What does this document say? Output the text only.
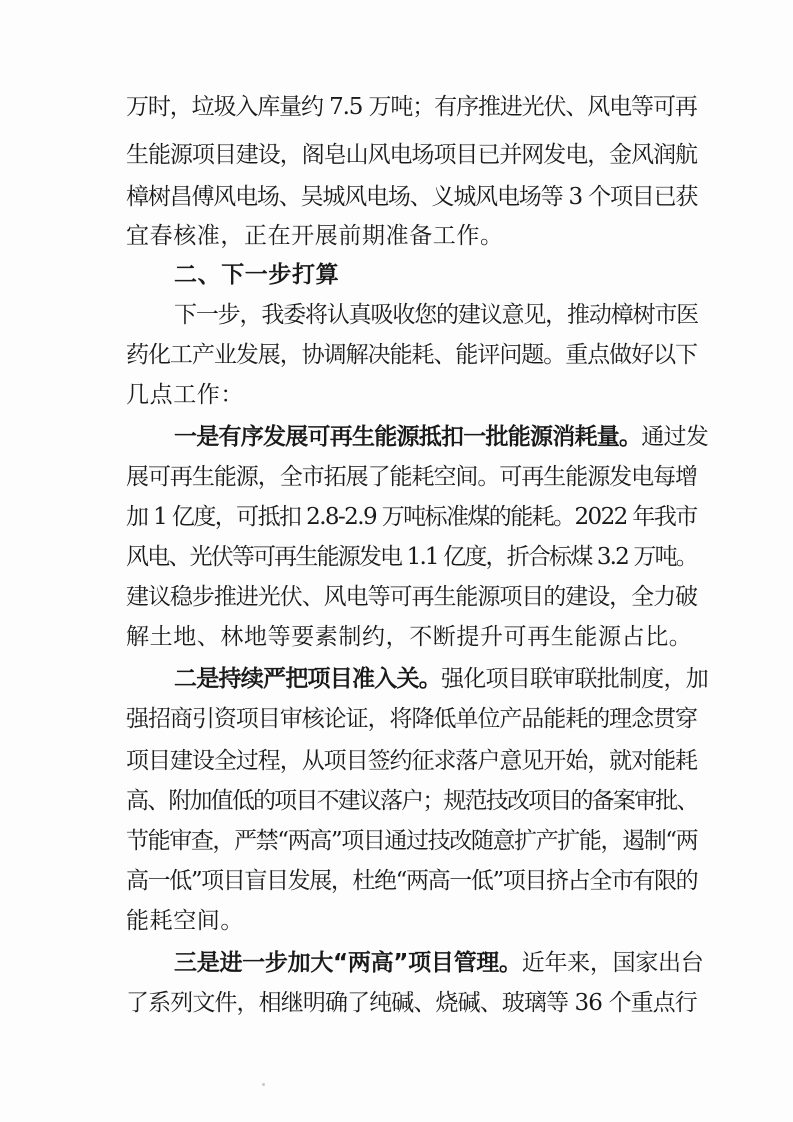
万时，垃圾入库量约 7.5 万吨；有序推进光伏、风电等可再
生能源项目建设，阁皂山风电场项目已并网发电，金风润航
樟树昌傅风电场、吴城风电场、义城风电场等 3 个项目已获
宜春核准，正在开展前期准备工作。
二、下一步打算
下一步，我委将认真吸收您的建议意见，推动樟树市医
药化工产业发展，协调解决能耗、能评问题。重点做好以下
几点工作：
一是有序发展可再生能源抵扣一批能源消耗量。通过发
展可再生能源，全市拓展了能耗空间。可再生能源发电每增
加 1 亿度，可抵扣 2.8-2.9 万吨标准煤的能耗。2022 年我市
风电、光伏等可再生能源发电 1.1 亿度，折合标煤 3.2 万吨。
建议稳步推进光伏、风电等可再生能源项目的建设，全力破
解土地、林地等要素制约，不断提升可再生能源占比。
二是持续严把项目准入关。强化项目联审联批制度，加
强招商引资项目审核论证，将降低单位产品能耗的理念贯穿
项目建设全过程，从项目签约征求落户意见开始，就对能耗
高、附加值低的项目不建议落户；规范技改项目的备案审批、
节能审查，严禁“两高”项目通过技改随意扩产扩能，遏制“两
高一低”项目盲目发展，杜绝“两高一低”项目挤占全市有限的
能耗空间。
三是进一步加大“两高”项目管理。近年来，国家出台
了系列文件，相继明确了纯碱、烧碱、玻璃等 36 个重点行
